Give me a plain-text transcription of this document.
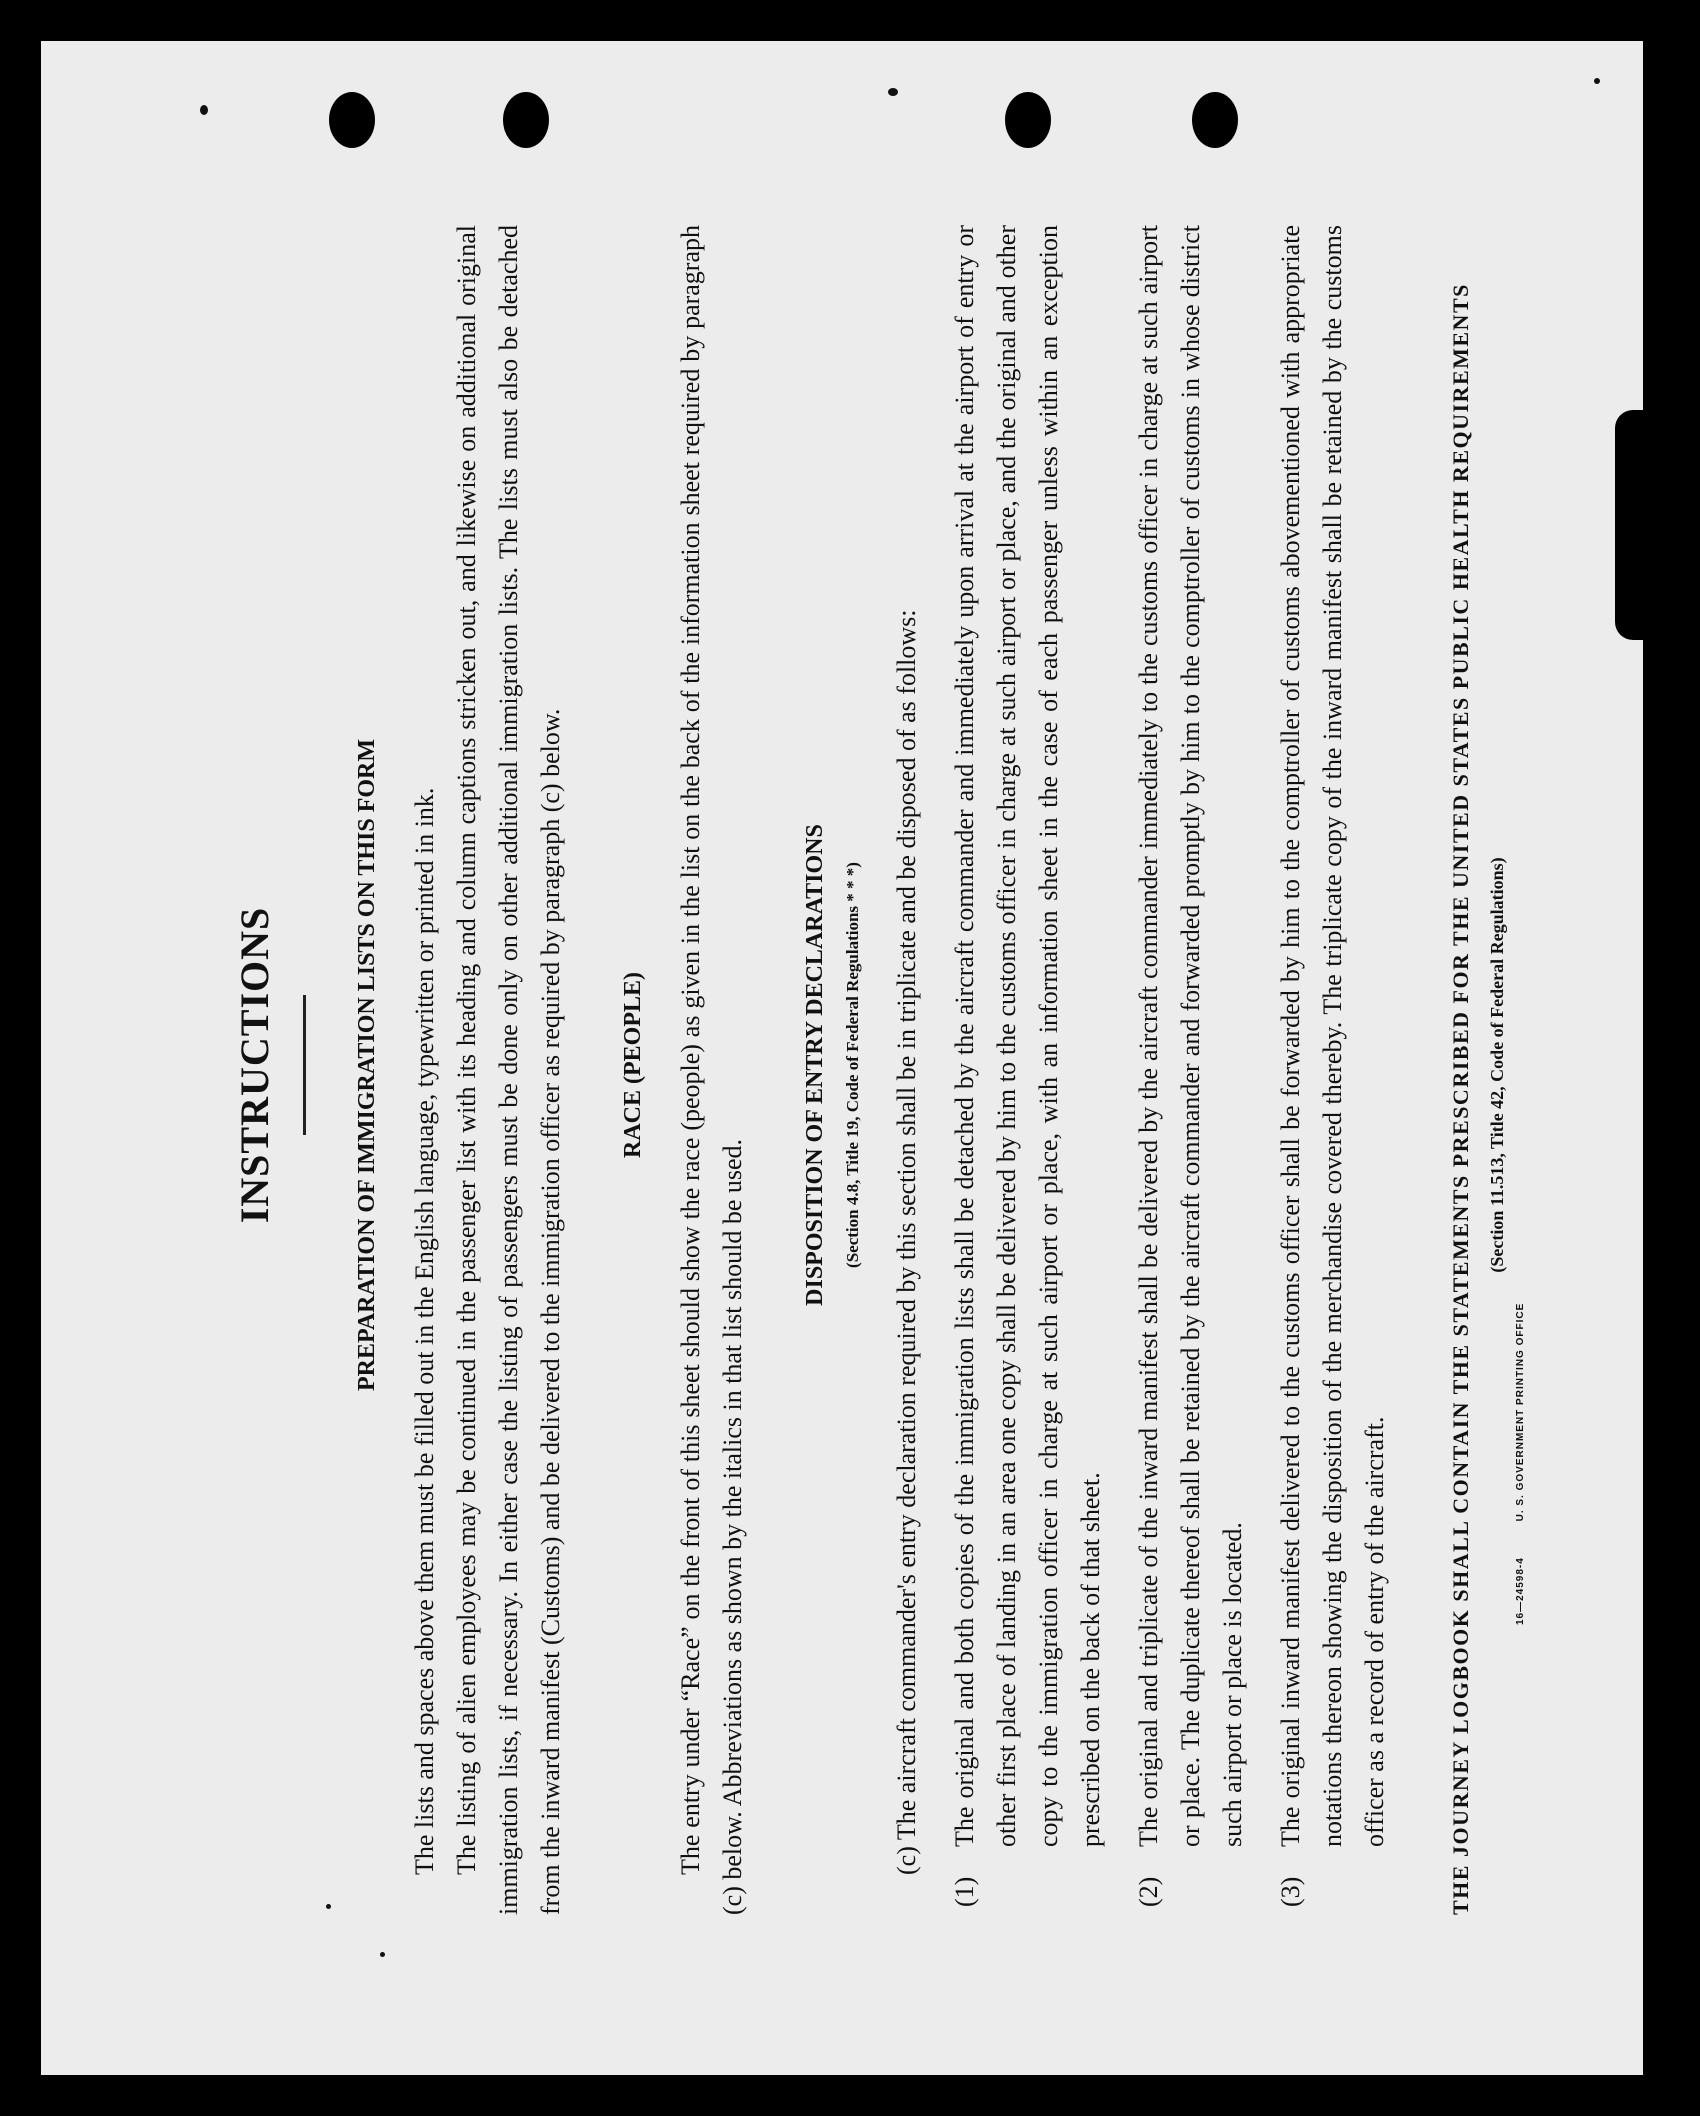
INSTRUCTIONS	PREPARATION OF IMMIGRATION LISTS ON THIS FORM	The lists and spaces above them must be filled out in the English language, typewritten or printed in ink. The listing of alien employees may be continued in the passenger list with its heading and column captions stricken out, and likewise on additional original immigration lists, if necessary. In either case the listing of passengers must be done only on other additional immigration lists. The lists must also be detached from the inward manifest (Customs) and be delivered to the immigration officer as required by paragraph (c) below.	RACE (PEOPLE)	The entry under “Race” on the front of this sheet should show the race (people) as given in the list on the back of the information sheet required by paragraph (c) below. Abbreviations as shown by the italics in that list should be used.

DISPOSITION OF ENTRY DECLARATIONS (Section 4.8, Title 19, Code of Federal Regulations * * *)	(c) The aircraft commander's entry declaration required by this section shall be in triplicate and be disposed of as follows:

(1)
The original and both copies of the immigration lists shall be detached by the aircraft commander and immediately upon arrival at the airport of entry or other first place of landing in an area one copy shall be delivered by him to the customs officer in charge at such airport or place, and the original and other copy to the immigration officer in charge at such airport or place, with an information sheet in the case of each passenger unless within an exception prescribed on the back of that sheet.
(2)
The original and triplicate of the inward manifest shall be delivered by the aircraft commander immediately to the customs officer in charge at such airport or place. The duplicate thereof shall be retained by the aircraft commander and forwarded promptly by him to the comptroller of customs in whose district such airport or place is located.
(3)
The original inward manifest delivered to the customs officer shall be forwarded by him to the comptroller of customs abovementioned with appropriate notations thereon showing the disposition of the merchandise covered thereby. The triplicate copy of the inward manifest shall be retained by the customs officer as a record of entry of the aircraft.	THE JOURNEY LOGBOOK SHALL CONTAIN THE STATEMENTS PRESCRIBED FOR THE UNITED STATES PUBLIC HEALTH REQUIREMENTS (Section 11.513, Title 42, Code of Federal Regulations)
16—24598-4 U. S. GOVERNMENT PRINTING OFFICE
